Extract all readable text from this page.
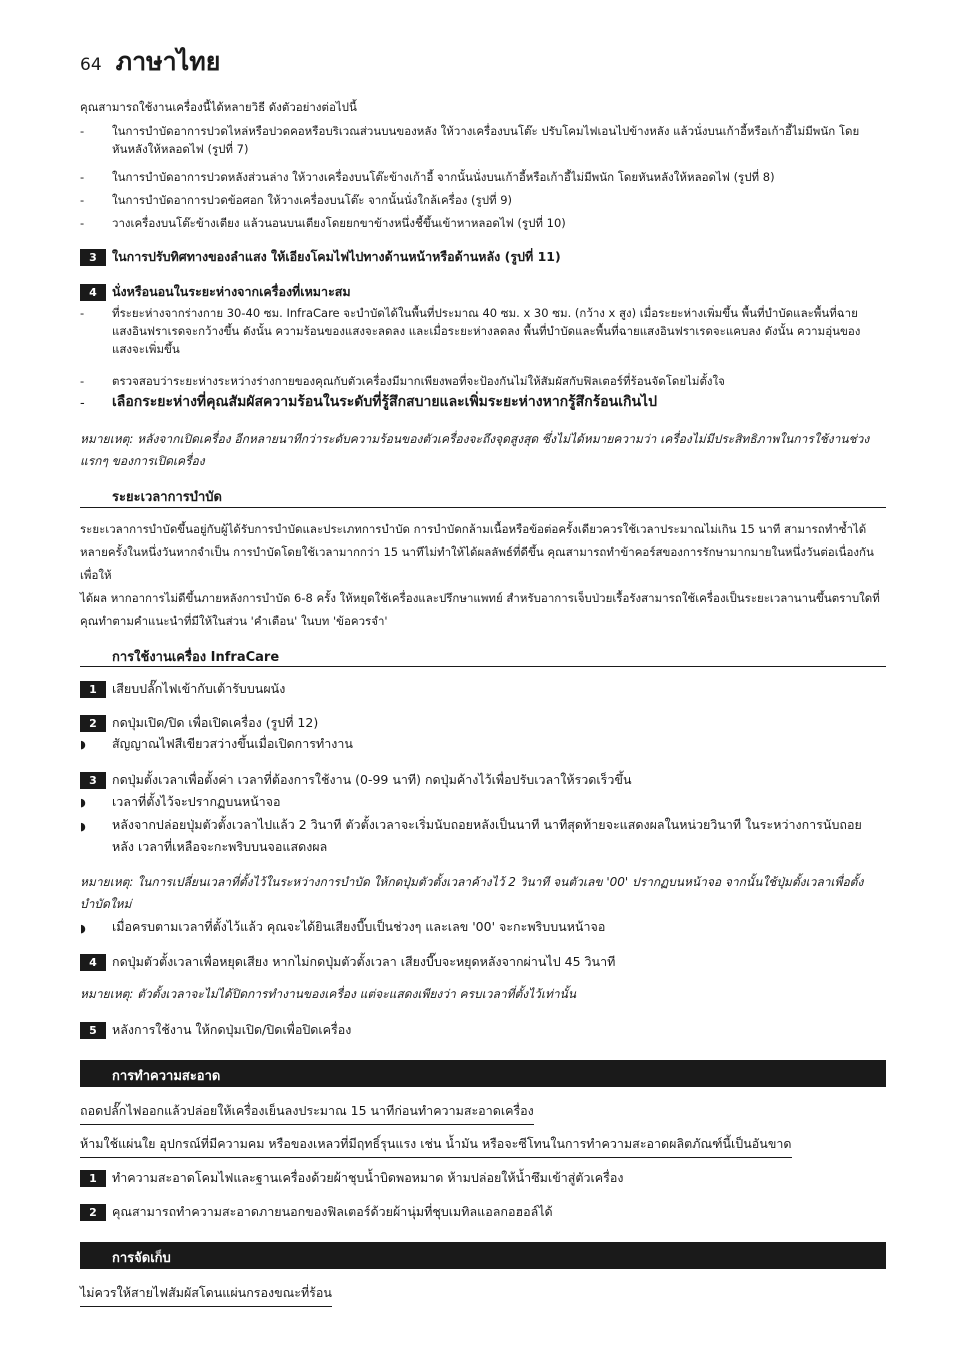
64 ภาษาไทย
คุณสามารถใช้งานเครื่องนี้ได้หลายวิธี ดังตัวอย่างต่อไปนี้
- ในการบำบัดอาการปวดไหล่หรือปวดคอหรือบริเวณส่วนบนของหลัง ให้วางเครื่องบนโต๊ะ ปรับโคมไฟเอนไปข้างหลัง แล้วนั่งบนเก้าอี้หรือเก้าอี้ไม่มีพนัก โดยหันหลังให้หลอดไฟ (รูปที่ 7)
- ในการบำบัดอาการปวดหลังส่วนล่าง ให้วางเครื่องบนโต๊ะข้างเก้าอี้ จากนั้นนั่งบนเก้าอี้หรือเก้าอี้ไม่มีพนัก โดยหันหลังให้หลอดไฟ (รูปที่ 8)
- ในการบำบัดอาการปวดข้อศอก ให้วางเครื่องบนโต๊ะ จากนั้นนั่งใกล้เครื่อง (รูปที่ 9)
- วางเครื่องบนโต๊ะข้างเตียง แล้วนอนบนเตียงโดยยกขาข้างหนึ่งชี้ขึ้นเข้าหาหลอดไฟ (รูปที่ 10)
3	ในการปรับทิศทางของลำแสง ให้เอียงโคมไฟไปทางด้านหน้าหรือด้านหลัง (รูปที่ 11)
4	นั่งหรือนอนในระยะห่างจากเครื่องที่เหมาะสม
- ที่ระยะห่างจากร่างกาย 30-40 ซม. InfraCare จะบำบัดได้ในพื้นที่ประมาณ 40 ซม. x 30 ซม. (กว้าง x สูง) เมื่อระยะห่างเพิ่มขึ้น พื้นที่บำบัดและพื้นที่ฉายแสงอินฟราเรดจะกว้างขึ้น ดังนั้น ความร้อนของแสงจะลดลง และเมื่อระยะห่างลดลง พื้นที่บำบัดและพื้นที่ฉายแสงอินฟราเรดจะแคบลง ดังนั้น ความอุ่นของแสงจะเพิ่มขึ้น
- ตรวจสอบว่าระยะห่างระหว่างร่างกายของคุณกับตัวเครื่องมีมากเพียงพอที่จะป้องกันไม่ให้สัมผัสกับฟิลเตอร์ที่ร้อนจัดโดยไม่ตั้งใจ
- เลือกระยะห่างที่คุณสัมผัสความร้อนในระดับที่รู้สึกสบายและเพิ่มระยะห่างหากรู้สึกร้อนเกินไป
หมายเหตุ: หลังจากเปิดเครื่อง อีกหลายนาทีกว่าระดับความร้อนของตัวเครื่องจะถึงจุดสูงสุด ซึ่งไม่ได้หมายความว่า เครื่องไม่มีประสิทธิภาพในการใช้งานช่วงแรกๆ ของการเปิดเครื่อง
ระยะเวลาการบำบัด
ระยะเวลาการบำบัดขึ้นอยู่กับผู้ได้รับการบำบัดและประเภทการบำบัด การบำบัดกล้ามเนื้อหรือข้อต่อครั้งเดียวควรใช้เวลาประมาณไม่เกิน 15 นาที สามารถทำซ้ำได้หลายครั้งในหนึ่งวันหากจำเป็น การบำบัดโดยใช้เวลามากกว่า 15 นาทีไม่ทำให้ได้ผลลัพธ์ที่ดีขึ้น คุณสามารถทำข้าคอร์สของการรักษามากมายในหนึ่งวันต่อเนื่องกันเพื่อให้
ได้ผล หากอาการไม่ดีขึ้นภายหลังการบำบัด 6-8 ครั้ง ให้หยุดใช้เครื่องและปรึกษาแพทย์ สำหรับอาการเจ็บป่วยเรื้อรังสามารถใช้เครื่องเป็นระยะเวลานานขึ้นตราบใดที่คุณทำตามคำแนะนำที่มีให้ในส่วน 'คำเตือน' ในบท 'ข้อควรจำ'
การใช้งานเครื่อง InfraCare
1	เสียบปลั๊กไฟเข้ากับเต้ารับบนผนัง
2	กดปุ่มเปิด/ปิด เพื่อเปิดเครื่อง (รูปที่ 12)
◗ สัญญาณไฟสีเขียวสว่างขึ้นเมื่อเปิดการทำงาน
3	กดปุ่มตั้งเวลาเพื่อตั้งค่า เวลาที่ต้องการใช้งาน (0-99 นาที) กดปุ่มค้างไว้เพื่อปรับเวลาให้รวดเร็วขึ้น
◗ เวลาที่ตั้งไว้จะปรากฏบนหน้าจอ
◗ หลังจากปล่อยปุ่มตัวตั้งเวลาไปแล้ว 2 วินาที ตัวตั้งเวลาจะเริ่มนับถอยหลังเป็นนาที นาทีสุดท้ายจะแสดงผลในหน่วยวินาที ในระหว่างการนับถอยหลัง เวลาที่เหลือจะกะพริบบนจอแสดงผล
หมายเหตุ: ในการเปลี่ยนเวลาที่ตั้งไว้ในระหว่างการบำบัด ให้กดปุ่มตัวตั้งเวลาค้างไว้ 2 วินาที จนตัวเลข '00' ปรากฏบนหน้าจอ จากนั้นใช้ปุ่มตั้งเวลาเพื่อตั้งบำบัดใหม่
◗ เมื่อครบตามเวลาที่ตั้งไว้แล้ว คุณจะได้ยินเสียงบี๊บเป็นช่วงๆ และเลข '00' จะกะพริบบนหน้าจอ
4	กดปุ่มตัวตั้งเวลาเพื่อหยุดเสียง หากไม่กดปุ่มตัวตั้งเวลา เสียงบี๊บจะหยุดหลังจากผ่านไป 45 วินาที
หมายเหตุ: ตัวตั้งเวลาจะไม่ได้ปิดการทำงานของเครื่อง แต่จะแสดงเพียงว่า ครบเวลาที่ตั้งไว้เท่านั้น
5	หลังการใช้งาน ให้กดปุ่มเปิด/ปิดเพื่อปิดเครื่อง
การทำความสะอาด
ถอดปลั๊กไฟออกแล้วปล่อยให้เครื่องเย็นลงประมาณ 15 นาทีก่อนทำความสะอาดเครื่อง
ห้ามใช้แผ่นใย อุปกรณ์ที่มีความคม หรือของเหลวที่มีฤทธิ์รุนแรง เช่น น้ำมัน หรือจะซีโทนในการทำความสะอาดผลิตภัณฑ์นี้เป็นอันขาด
1	ทำความสะอาดโคมไฟและฐานเครื่องด้วยผ้าชุบน้ำบิดพอหมาด ห้ามปล่อยให้น้ำซึมเข้าสู่ตัวเครื่อง
2	คุณสามารถทำความสะอาดภายนอกของฟิลเตอร์ด้วยผ้านุ่มที่ชุบเมทิลแอลกอฮอล์ได้
การจัดเก็บ
ไม่ควรให้สายไฟสัมผัสโดนแผ่นกรองขณะที่ร้อน
